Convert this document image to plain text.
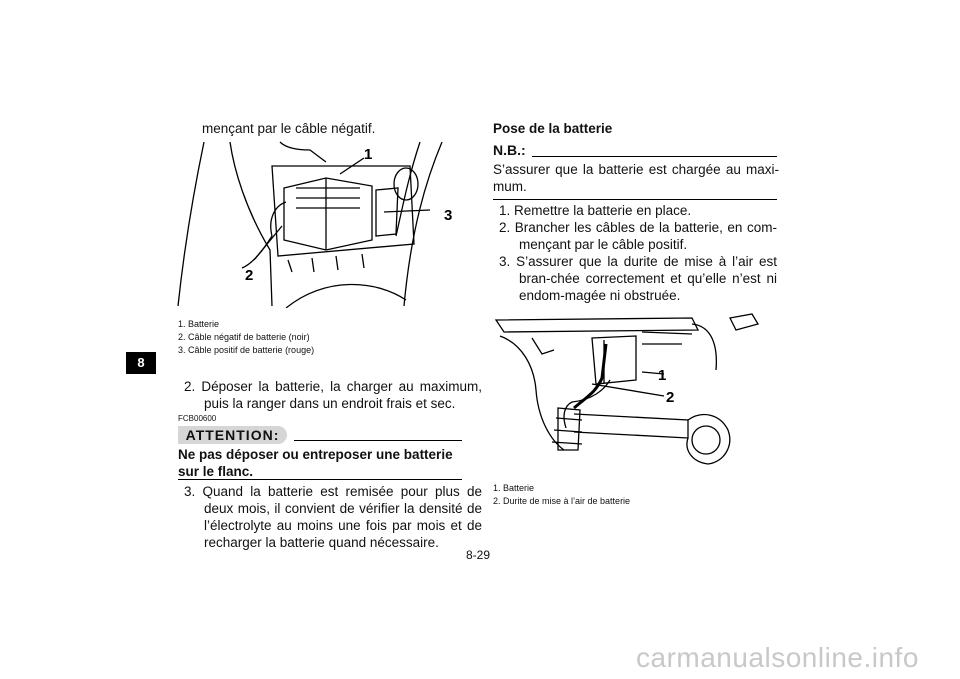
8
mençant par le câble négatif.
1
2
3
1. Batterie
2. Câble négatif de batterie (noir)
3. Câble positif de batterie (rouge)
2. Déposer la batterie, la charger au maximum, puis la ranger dans un endroit frais et sec.
FCB00600
ATTENTION:
Ne pas déposer ou entreposer une batterie sur le flanc.
3. Quand la batterie est remisée pour plus de deux mois, il convient de vérifier la densité de l’électrolyte au moins une fois par mois et de recharger la batterie quand nécessaire.
Pose de la batterie
N.B.:
S’assurer que la batterie est chargée au maxi-mum.
1. Remettre la batterie en place.
2. Brancher les câbles de la batterie, en com-mençant par le câble positif.
3. S’assurer que la durite de mise à l’air est bran-chée correctement et qu’elle n’est ni endom-magée ni obstruée.
1
2
1. Batterie
2. Durite de mise à l’air de batterie
8-29
carmanualsonline.info
